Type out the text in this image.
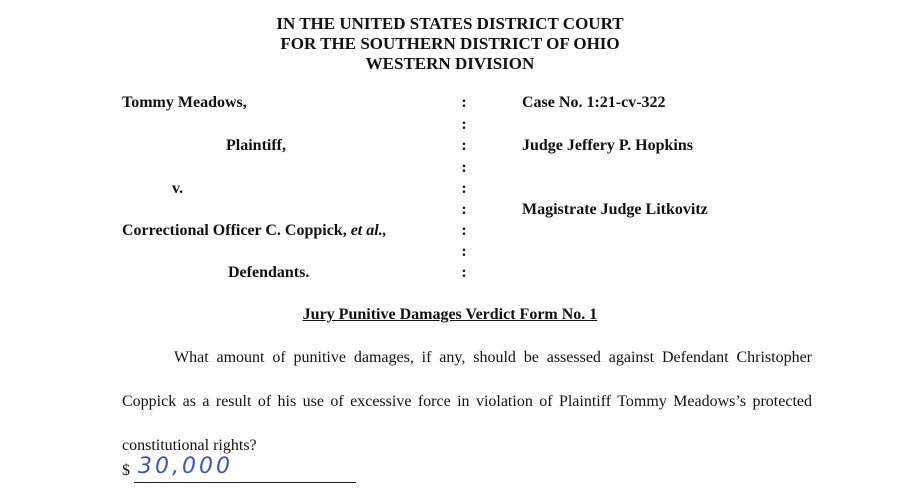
IN THE UNITED STATES DISTRICT COURT
FOR THE SOUTHERN DISTRICT OF OHIO
WESTERN DIVISION
Tommy Meadows,
Plaintiff,
v.
Correctional Officer C. Coppick, et al.,
Defendants.
:
:
:
:
:
:
:
:
:
Case No. 1:21-cv-322
Judge Jeffery P. Hopkins
Magistrate Judge Litkovitz
Jury Punitive Damages Verdict Form No. 1
What amount of punitive damages, if any, should be assessed against Defendant Christopher Coppick as a result of his use of excessive force in violation of Plaintiff Tommy Meadows’s protected constitutional rights?
$ 30,000
